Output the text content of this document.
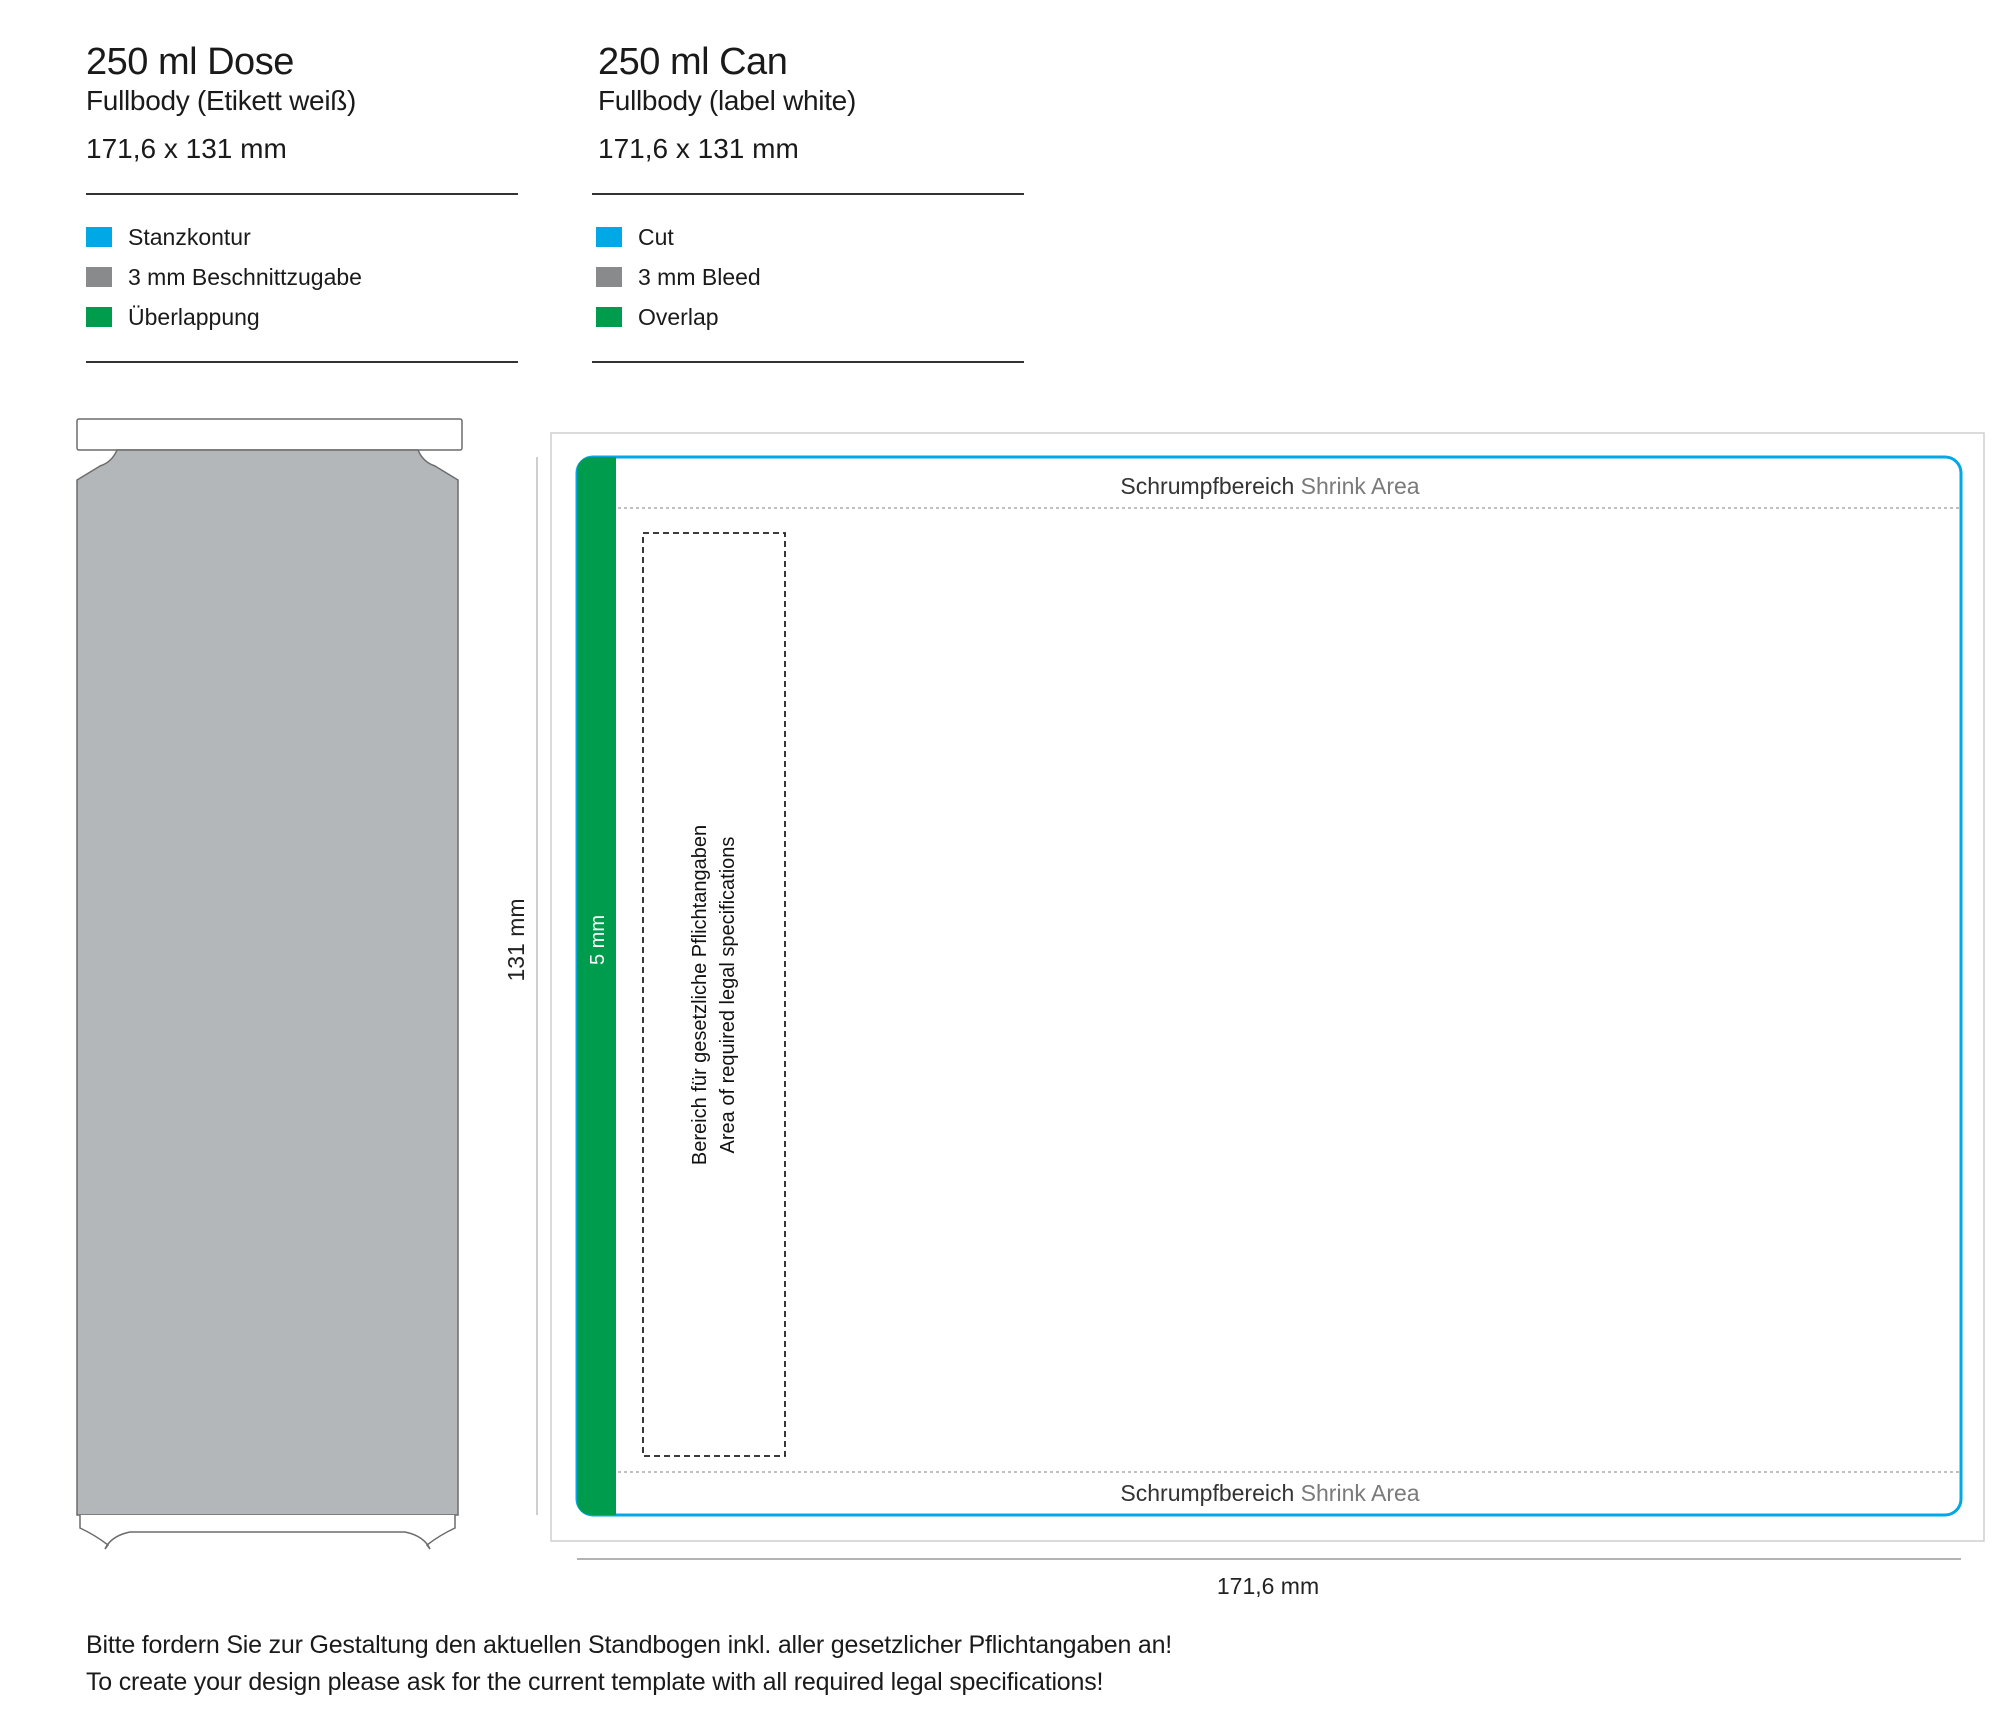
250 ml Dose
Fullbody (Etikett weiß)
171,6 x 131 mm
Stanzkontur
3 mm Beschnittzugabe
Überlappung
250 ml Can
Fullbody (label white)
171,6 x 131 mm
Cut
3 mm Bleed
Overlap
5 mm
Schrumpfbereich Shrink Area
Schrumpfbereich Shrink Area
Bereich für gesetzliche Pflichtangaben Area of required legal specifications
131 mm
171,6 mm
Bitte fordern Sie zur Gestaltung den aktuellen Standbogen inkl. aller gesetzlicher Pflichtangaben an!
To create your design please ask for the current template with all required legal specifications!
